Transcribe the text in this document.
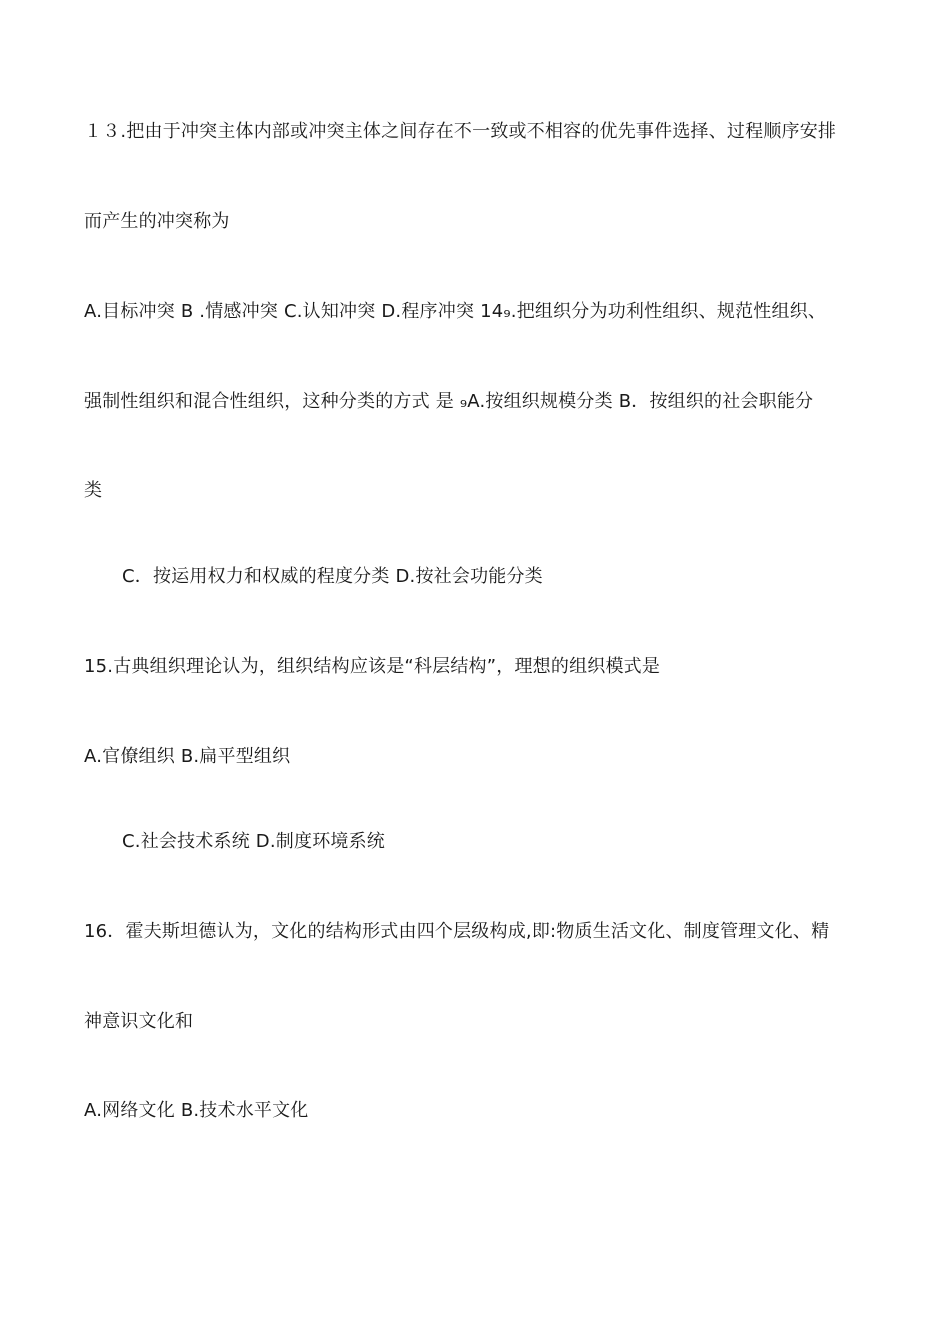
１３.把由于冲突主体内部或冲突主体之间存在不一致或不相容的优先事件选择、过程顺序安排
而产生的冲突称为
A.目标冲突 B .情感冲突 C.认知冲突 D.程序冲突 14₉.把组织分为功利性组织、规范性组织、
强制性组织和混合性组织，这种分类的方式 是 ₉A.按组织规模分类 B．按组织的社会职能分
类
C．按运用权力和权威的程度分类 D.按社会功能分类
15.古典组织理论认为，组织结构应该是“科层结构”，理想的组织模式是
A.官僚组织 B.扁平型组织
C.社会技术系统 D.制度环境系统
16．霍夫斯坦德认为，文化的结构形式由四个层级构成,即:物质生活文化、制度管理文化、精
神意识文化和
A.网络文化 B.技术水平文化
